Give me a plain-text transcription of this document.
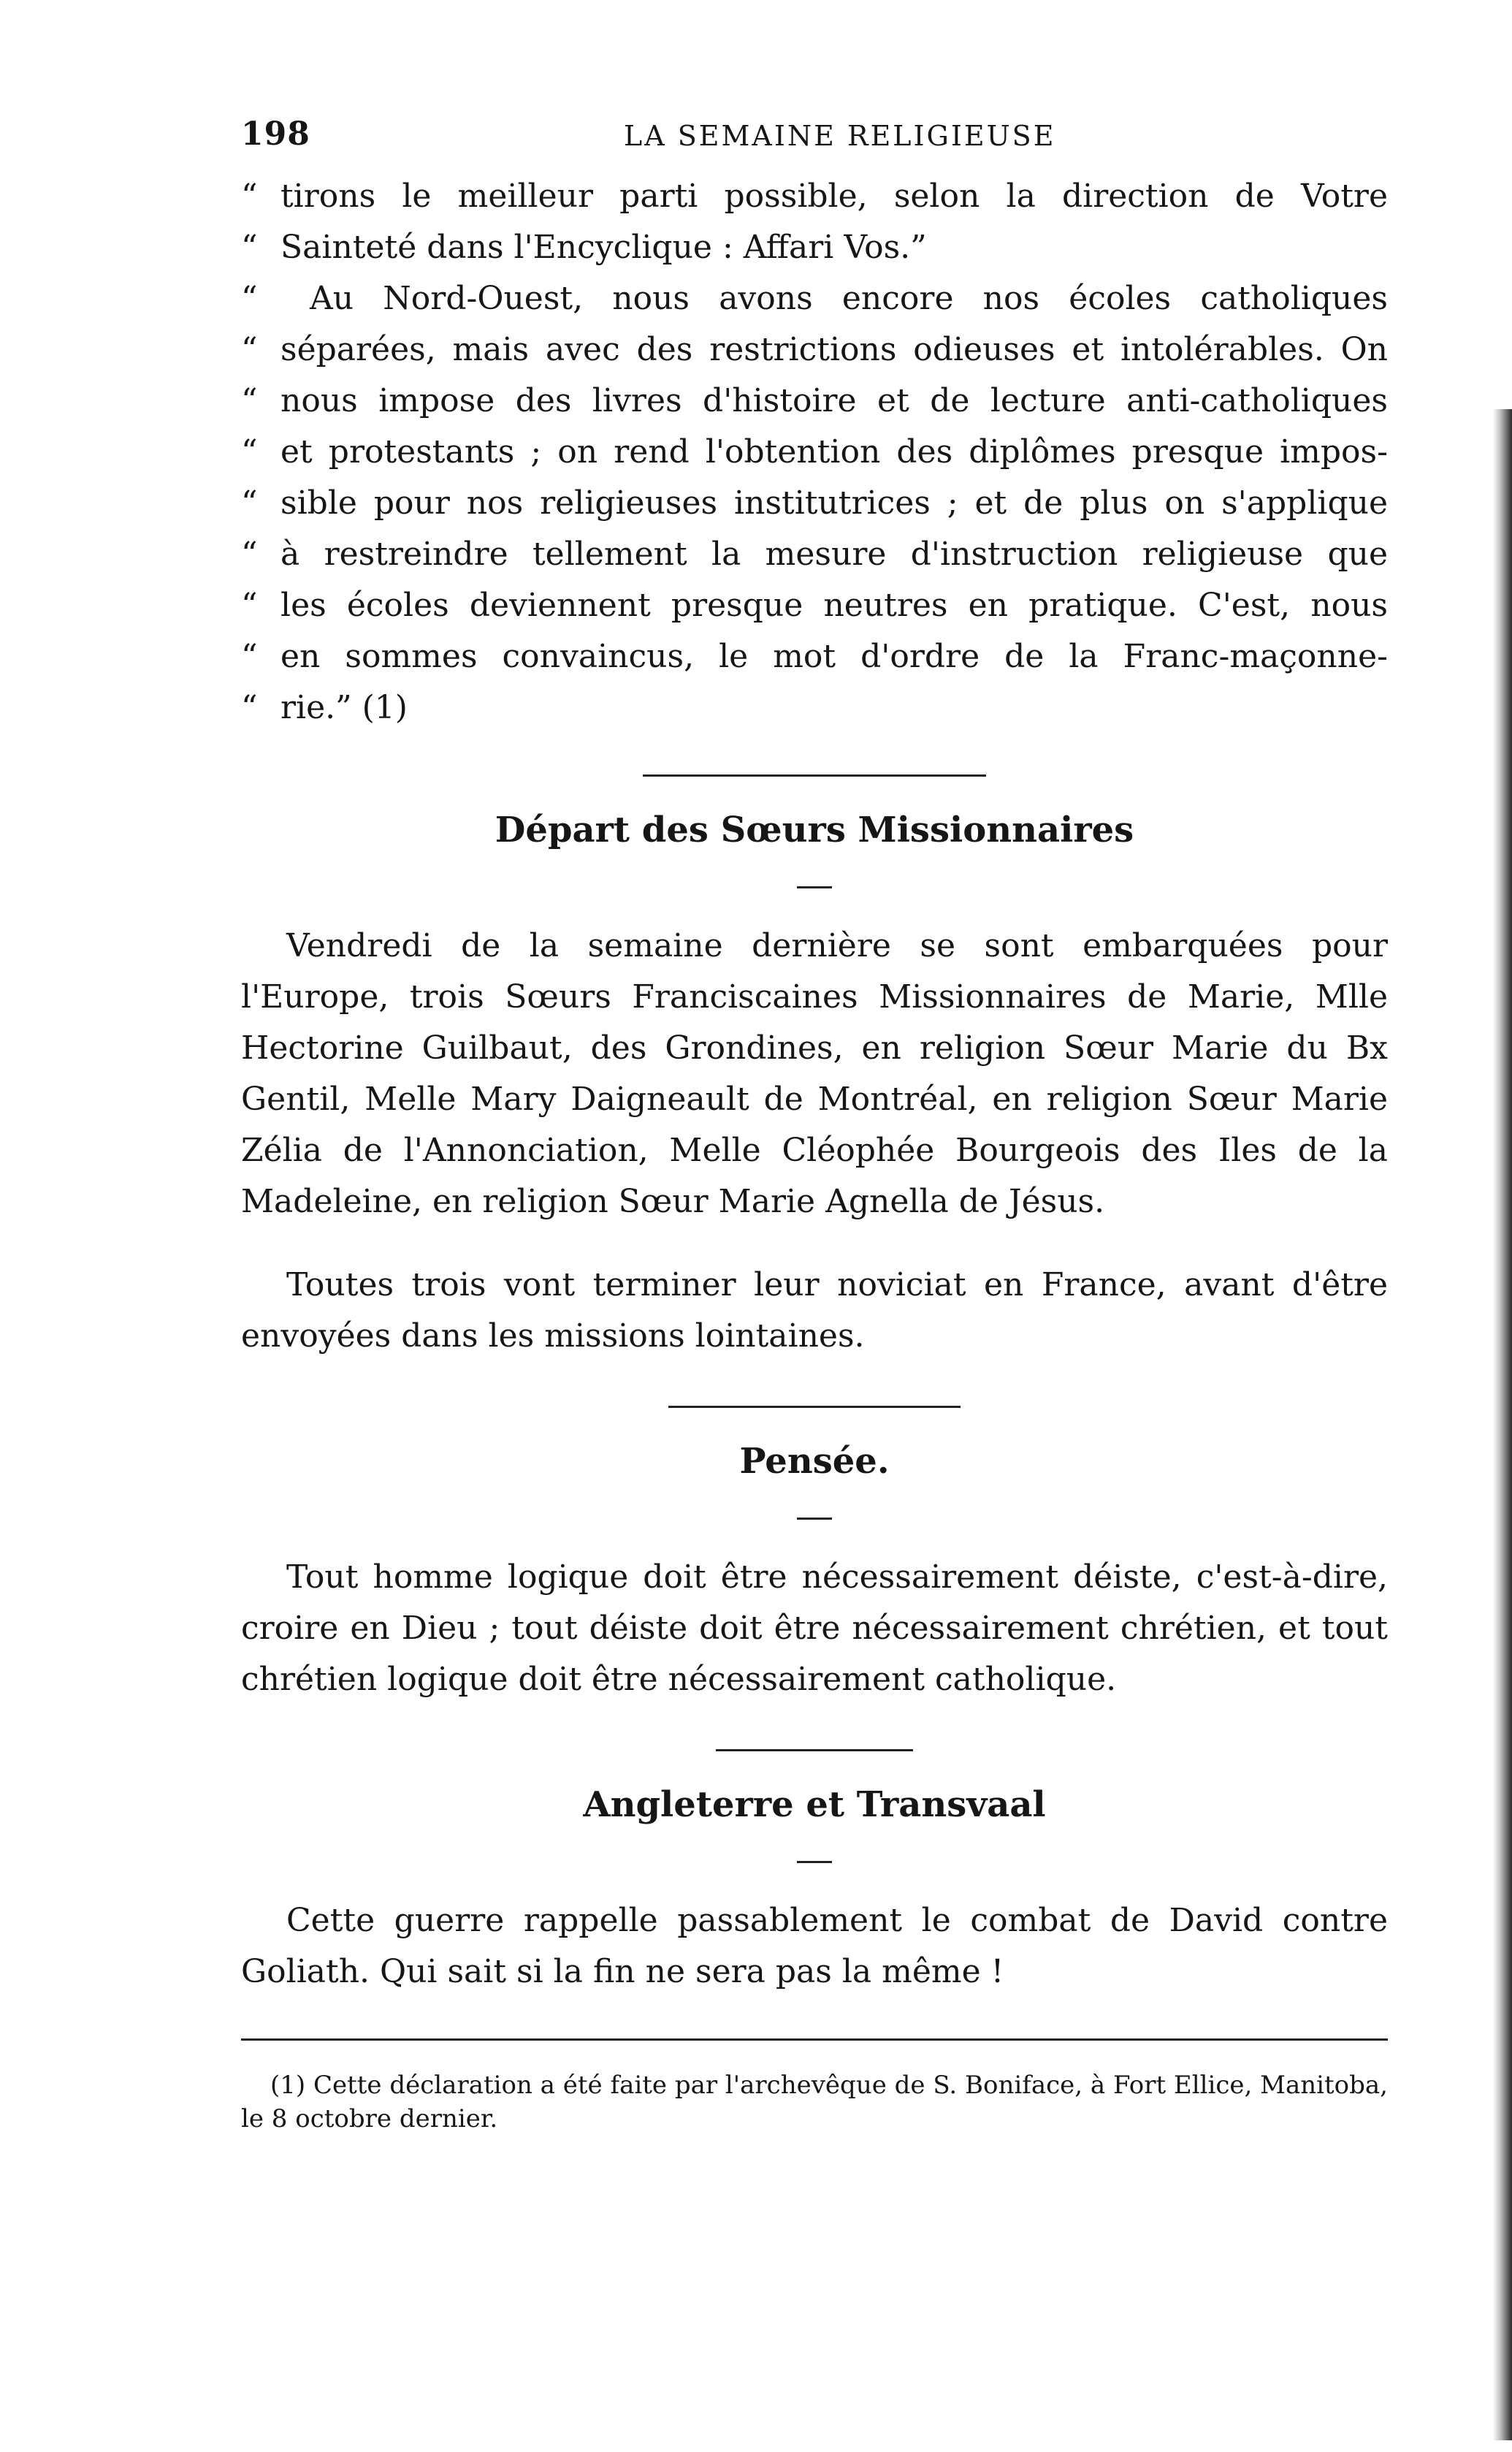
198	LA SEMAINE RELIGIEUSE
“ tirons le meilleur parti possible, selon la direction de Votre
“ Sainteté dans l'Encyclique : Affari Vos.”
“	Au Nord-Ouest, nous avons encore nos écoles catholiques
“ séparées, mais avec des restrictions odieuses et intolérables. On
“ nous impose des livres d'histoire et de lecture anti-catholiques
“ et protestants ; on rend l'obtention des diplômes presque impos-
“ sible pour nos religieuses institutrices ; et de plus on s'applique
“ à restreindre tellement la mesure d'instruction religieuse que
“ les écoles deviennent presque neutres en pratique. C'est, nous
“ en sommes convaincus, le mot d'ordre de la Franc-maçonne-
“ rie.” (1)
Départ des Sœurs Missionnaires

Vendredi de la semaine dernière se sont embarquées pour l'Europe, trois Sœurs Franciscaines Missionnaires de Marie, Mlle Hectorine Guilbaut, des Grondines, en religion Sœur Marie du Bx Gentil, Melle Mary Daigneault de Montréal, en religion Sœur Marie Zélia de l'Annonciation, Melle Cléophée Bourgeois des Iles de la Madeleine, en religion Sœur Marie Agnella de Jésus.

Toutes trois vont terminer leur noviciat en France, avant d'être envoyées dans les missions lointaines.

Pensée.

Tout homme logique doit être nécessairement déiste, c'est-à-dire, croire en Dieu ; tout déiste doit être nécessairement chrétien, et tout chrétien logique doit être nécessairement catholique.

Angleterre et Transvaal

Cette guerre rappelle passablement le combat de David contre Goliath. Qui sait si la fin ne sera pas la même !

(1) Cette déclaration a été faite par l'archevêque de S. Boniface, à Fort Ellice, Manitoba, le 8 octobre dernier.
